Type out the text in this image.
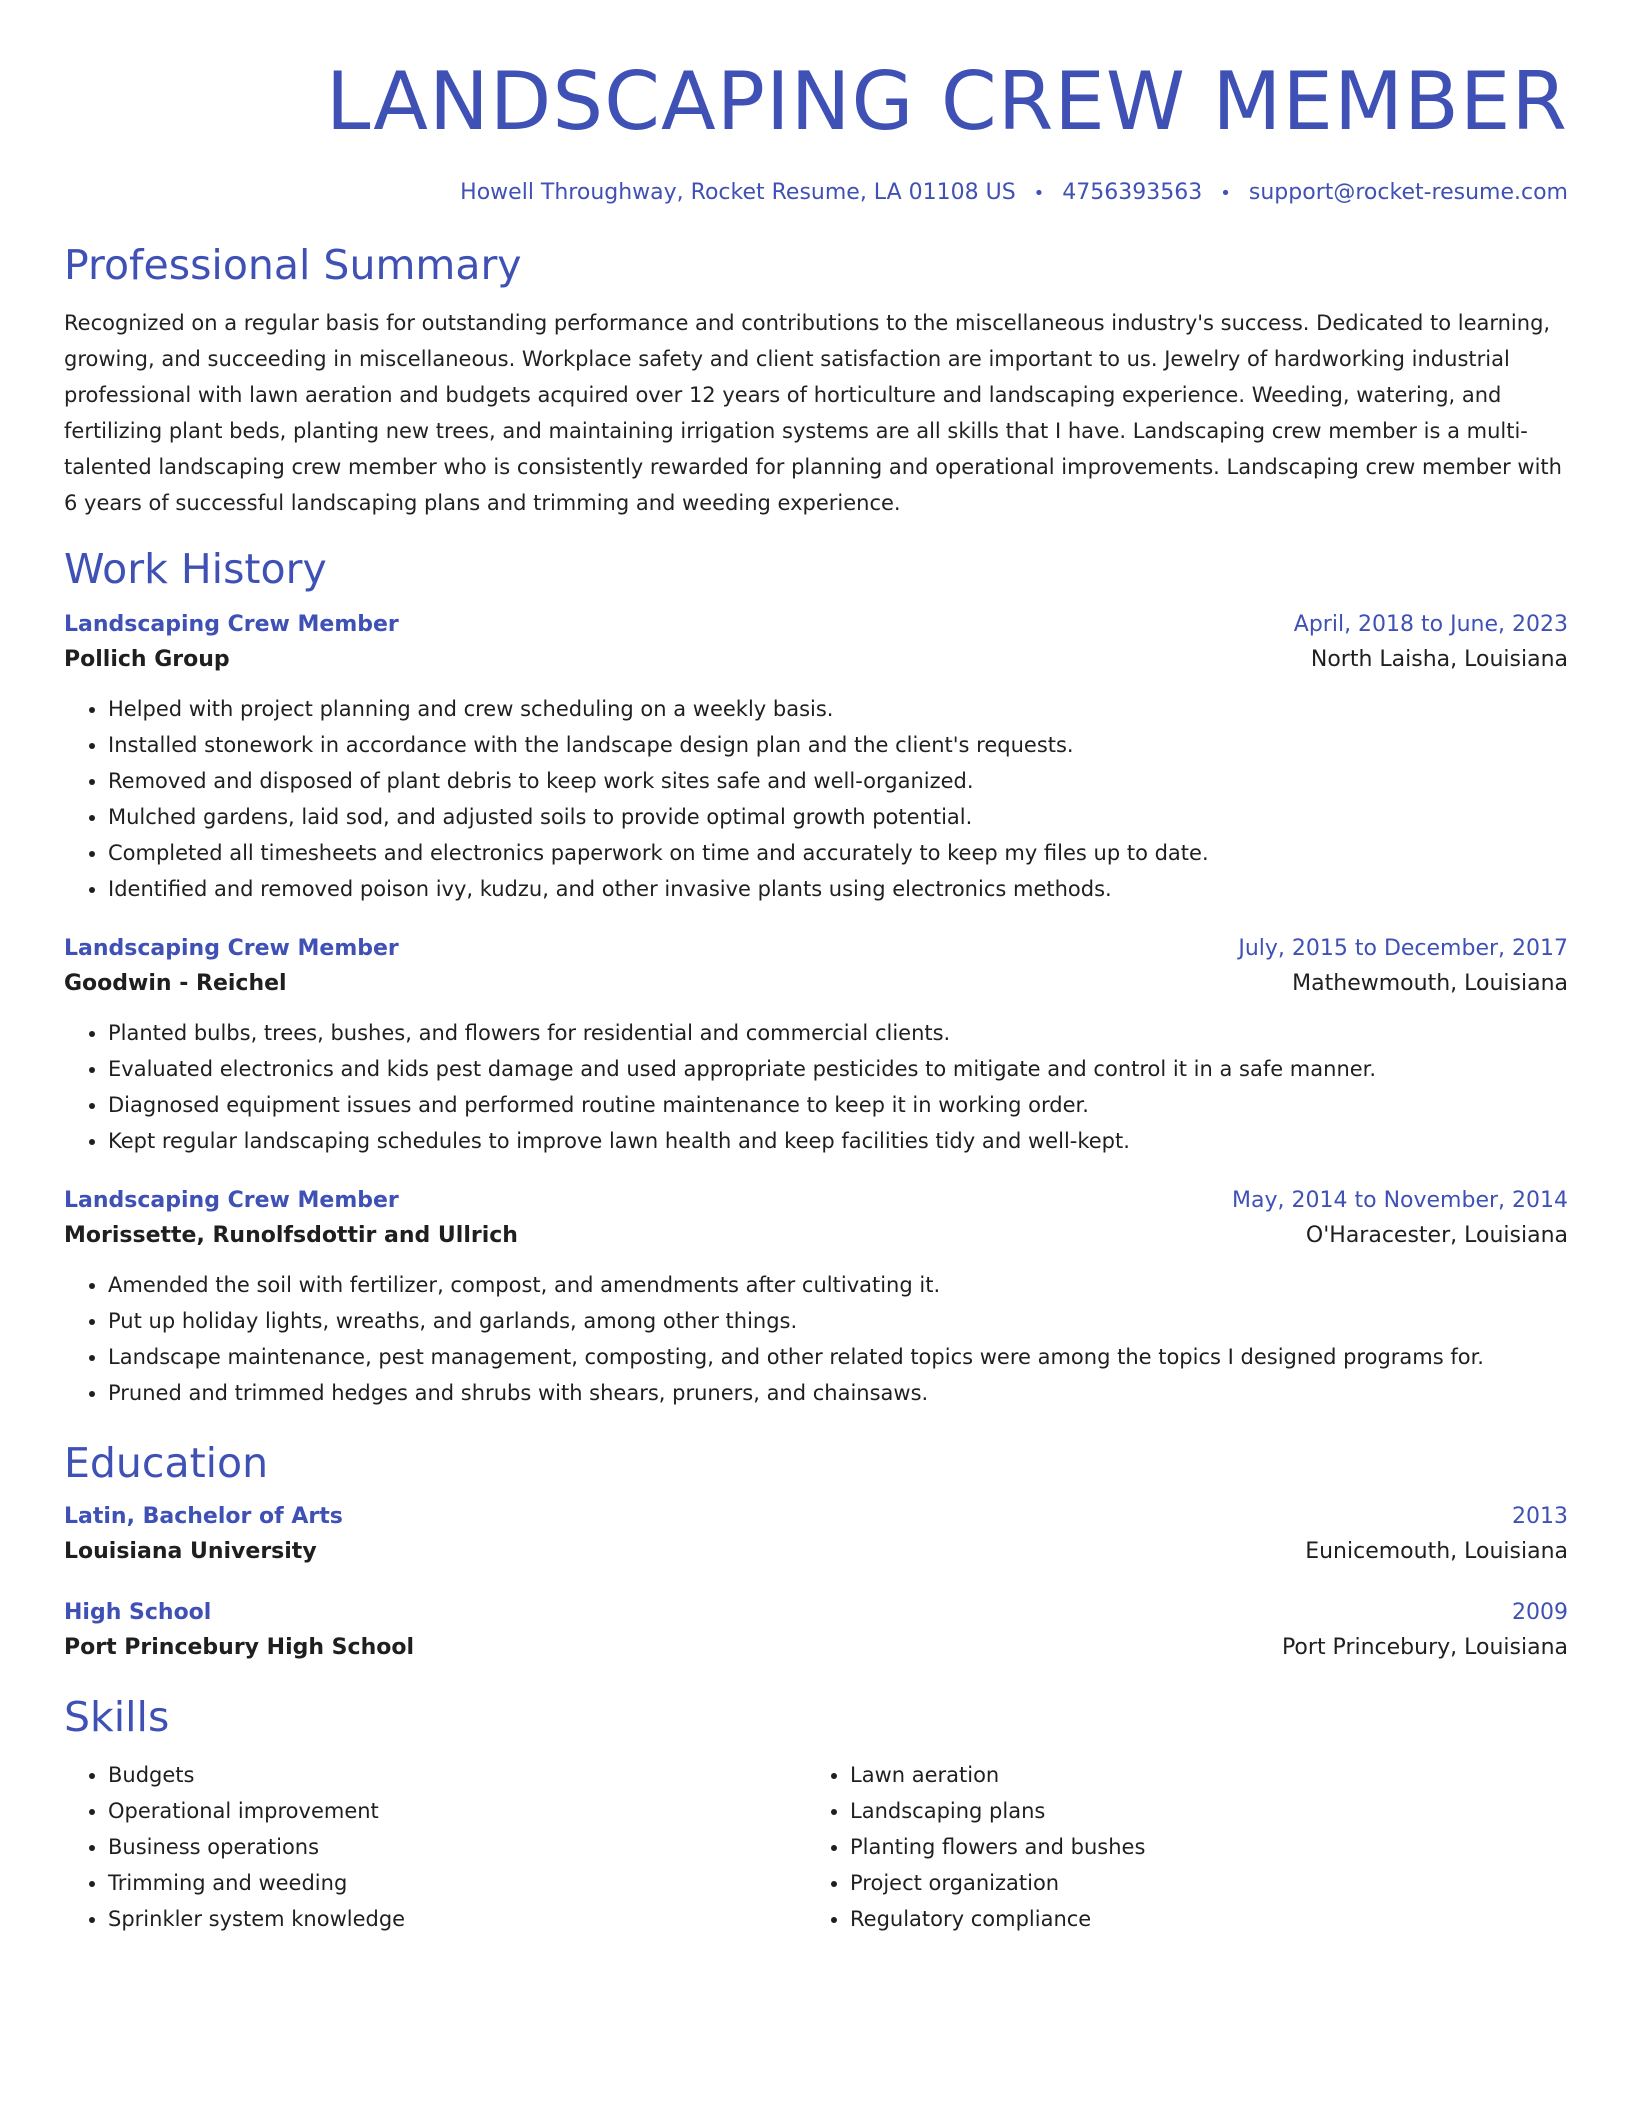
LANDSCAPING CREW MEMBER
Howell Throughway, Rocket Resume, LA 01108 US • 4756393563 • support@rocket-resume.com
Professional Summary
Recognized on a regular basis for outstanding performance and contributions to the miscellaneous industry's success. Dedicated to learning, growing, and succeeding in miscellaneous. Workplace safety and client satisfaction are important to us. Jewelry of hardworking industrial professional with lawn aeration and budgets acquired over 12 years of horticulture and landscaping experience. Weeding, watering, and fertilizing plant beds, planting new trees, and maintaining irrigation systems are all skills that I have. Landscaping crew member is a multi-talented landscaping crew member who is consistently rewarded for planning and operational improvements. Landscaping crew member with 6 years of successful landscaping plans and trimming and weeding experience.
Work History
Landscaping Crew Member	April, 2018 to June, 2023
Pollich Group	North Laisha, Louisiana
• Helped with project planning and crew scheduling on a weekly basis.
• Installed stonework in accordance with the landscape design plan and the client's requests.
• Removed and disposed of plant debris to keep work sites safe and well-organized.
• Mulched gardens, laid sod, and adjusted soils to provide optimal growth potential.
• Completed all timesheets and electronics paperwork on time and accurately to keep my files up to date.
• Identified and removed poison ivy, kudzu, and other invasive plants using electronics methods.
Landscaping Crew Member	July, 2015 to December, 2017
Goodwin - Reichel	Mathewmouth, Louisiana
• Planted bulbs, trees, bushes, and flowers for residential and commercial clients.
• Evaluated electronics and kids pest damage and used appropriate pesticides to mitigate and control it in a safe manner.
• Diagnosed equipment issues and performed routine maintenance to keep it in working order.
• Kept regular landscaping schedules to improve lawn health and keep facilities tidy and well-kept.
Landscaping Crew Member	May, 2014 to November, 2014
Morissette, Runolfsdottir and Ullrich	O'Haracester, Louisiana
• Amended the soil with fertilizer, compost, and amendments after cultivating it.
• Put up holiday lights, wreaths, and garlands, among other things.
• Landscape maintenance, pest management, composting, and other related topics were among the topics I designed programs for.
• Pruned and trimmed hedges and shrubs with shears, pruners, and chainsaws.
Education
Latin, Bachelor of Arts	2013
Louisiana University	Eunicemouth, Louisiana
High School	2009
Port Princebury High School	Port Princebury, Louisiana
Skills
• Budgets
• Operational improvement
• Business operations
• Trimming and weeding
• Sprinkler system knowledge
• Lawn aeration
• Landscaping plans
• Planting flowers and bushes
• Project organization
• Regulatory compliance
